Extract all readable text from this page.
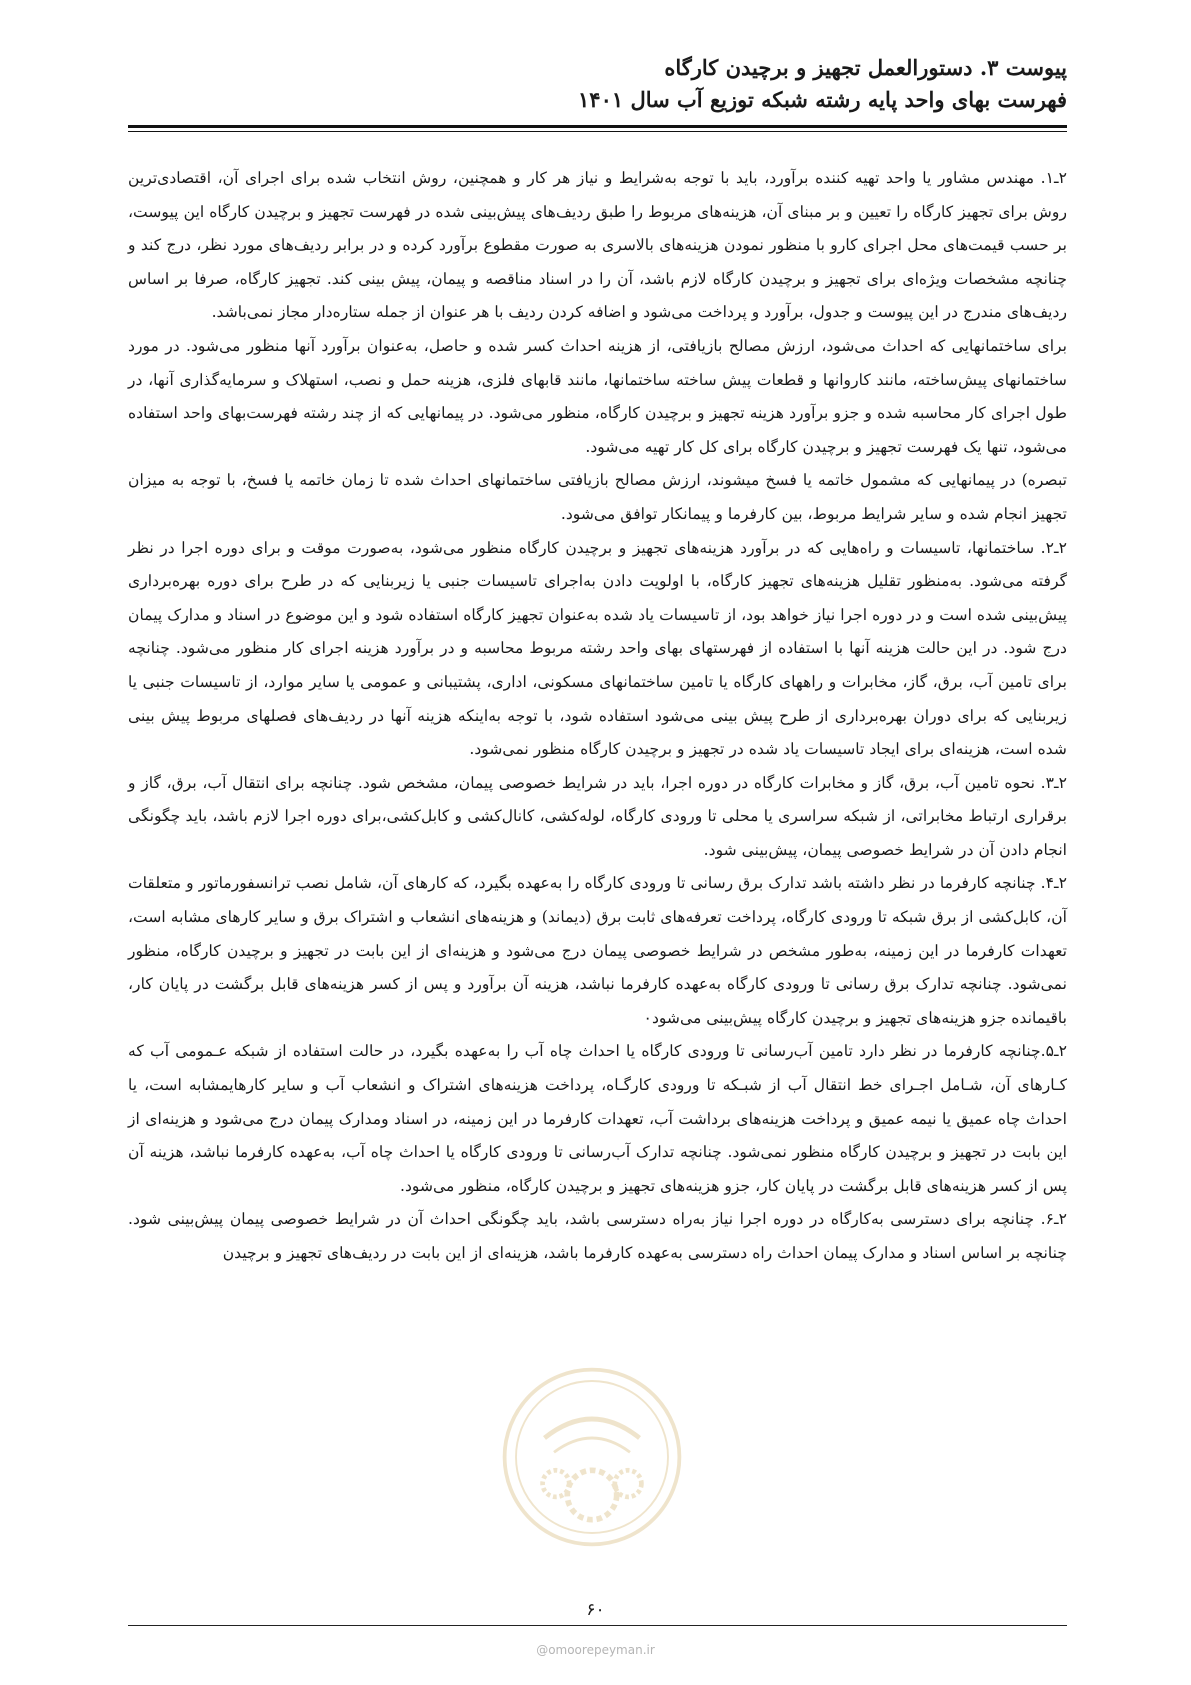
پیوست ۳. دستورالعمل تجهیز و برچیدن کارگاه
فهرست بهای واحد پایه رشته شبکه توزیع آب سال ۱۴۰۱

۲ـ۱. مهندس مشاور یا واحد تهیه کننده برآورد، باید با توجه به‌شرایط و نیاز هر کار و همچنین، روش انتخاب شده برای اجرای آن، اقتصادی‌ترین روش برای تجهیز کارگاه را تعیین و بر مبنای آن، هزینه‌های مربوط را طبق ردیف‌های پیش‌بینی شده در فهرست تجهیز و برچیدن کارگاه این پیوست، بر حسب قیمت‌های محل اجرای کارو با منظور نمودن هزینه‌های بالاسری به صورت مقطوع برآورد کرده و در برابر ردیف‌های مورد نظر، درج کند و چنانچه مشخصات ویژه‌ای برای تجهیز و برچیدن کارگاه لازم باشد، آن را در اسناد مناقصه و پیمان، پیش بینی کند. تجهیز کارگاه، صرفا بر اساس ردیف‌های مندرج در این پیوست و جدول، برآورد و پرداخت می‌شود و اضافه کردن ردیف با هر عنوان از جمله ستاره‌دار مجاز نمی‌باشد.

برای ساختمانهایی که احداث می‌شود، ارزش مصالح بازیافتی، از هزینه احداث کسر شده و حاصل، به‌عنوان برآورد آنها منظور می‌شود. در مورد ساختمانهای پیش‌ساخته، مانند کاروانها و قطعات پیش ساخته ساختمانها، مانند قابهای فلزی، هزینه حمل و نصب، استهلاک و سرمایه‌گذاری آنها، در طول اجرای کار محاسبه شده و جزو برآورد هزینه تجهیز و برچیدن کارگاه، منظور می‌شود. در پیمانهایی که از چند رشته فهرست‌بهای واحد استفاده می‌شود، تنها یک فهرست تجهیز و برچیدن کارگاه برای کل کار تهیه می‌شود.

تبصره) در پیمانهایی که مشمول خاتمه یا فسخ میشوند، ارزش مصالح بازیافتی ساختمانهای احداث شده تا زمان خاتمه یا فسخ، با توجه به میزان تجهیز انجام شده و سایر شرایط مربوط، بین کارفرما و پیمانکار توافق می‌شود.

۲ـ۲. ساختمانها، تاسیسات و راه‌هایی که در برآورد هزینه‌های تجهیز و برچیدن کارگاه منظور می‌شود، به‌صورت موقت و برای دوره اجرا در نظر گرفته می‌شود. به‌منظور تقلیل هزینه‌های تجهیز کارگاه، با اولویت دادن به‌اجرای تاسیسات جنبی یا زیربنایی که در طرح برای دوره بهره‌برداری پیش‌بینی شده است و در دوره اجرا نیاز خواهد بود، از تاسیسات یاد شده به‌عنوان تجهیز کارگاه استفاده شود و این موضوع در اسناد و مدارک پیمان درج شود. در این حالت هزینه آنها با استفاده از فهرستهای بهای واحد رشته مربوط محاسبه و در برآورد هزینه اجرای کار منظور می‌شود. چنانچه برای تامین آب، برق، گاز، مخابرات و راههای کارگاه یا تامین ساختمانهای مسکونی، اداری، پشتیبانی و عمومی یا سایر موارد، از تاسیسات جنبی یا زیربنایی که برای دوران بهره‌برداری از طرح پیش بینی می‌شود استفاده شود، با توجه به‌اینکه هزینه آنها در ردیف‌های فصلهای مربوط پیش بینی شده است، هزینه‌ای برای ایجاد تاسیسات یاد شده در تجهیز و برچیدن کارگاه منظور نمی‌شود.

۲ـ۳. نحوه تامین آب، برق، گاز و مخابرات کارگاه در دوره اجرا، باید در شرایط خصوصی پیمان، مشخص شود. چنانچه برای انتقال آب، برق، گاز و برقراری ارتباط مخابراتی، از شبکه سراسری یا محلی تا ورودی کارگاه، لوله‌کشی، کانال‌کشی و کابل‌کشی،برای دوره اجرا لازم باشد، باید چگونگی انجام دادن آن در شرایط خصوصی پیمان، پیش‌بینی شود.

۲ـ۴. چنانچه کارفرما در نظر داشته باشد تدارک برق رسانی تا ورودی کارگاه را به‌عهده بگیرد، که کارهای آن، شامل نصب ترانسفورماتور و متعلقات آن، کابل‌کشی از برق شبکه تا ورودی کارگاه، پرداخت تعرفه‌های ثابت برق (دیماند) و هزینه‌های انشعاب و اشتراک برق و سایر کارهای مشابه است، تعهدات کارفرما در این زمینه، به‌طور مشخص در شرایط خصوصی پیمان درج می‌شود و هزینه‌ای از این بابت در تجهیز و برچیدن کارگاه، منظور نمی‌شود. چنانچه تدارک برق رسانی تا ورودی کارگاه به‌عهده کارفرما نباشد، هزینه آن برآورد و پس از کسر هزینه‌های قابل برگشت در پایان کار، باقیمانده جزو هزینه‌های تجهیز و برچیدن کارگاه پیش‌بینی می‌شود٠

۲ـ۵.چنانچه کارفرما در نظر دارد تامین آب‌رسانی تا ورودی کارگاه یا احداث چاه آب را به‌عهده بگیرد، در حالت استفاده از شبکه عـمومی آب که کـارهای آن، شـامل اجـرای خط انتقال آب از شبـکه تا ورودی کارگـاه، پرداخت هزینه‌های اشتراک و انشعاب آب و سایر کارهایمشابه است، یا احداث چاه عمیق یا نیمه عمیق و پرداخت هزینه‌های برداشت آب، تعهدات کارفرما در این زمینه، در اسناد ومدارک پیمان درج می‌شود و هزینه‌ای از این بابت در تجهیز و برچیدن کارگاه منظور نمی‌شود. چنانچه تدارک آب‌رسانی تا ورودی کارگاه یا احداث چاه آب، به‌عهده کارفرما نباشد، هزینه آن پس از کسر هزینه‌های قابل برگشت در پایان کار، جزو هزینه‌های تجهیز و برچیدن کارگاه، منظور می‌شود.

۲ـ۶. چنانچه برای دسترسی به‌کارگاه در دوره اجرا نیاز به‌راه دسترسی باشد، باید چگونگی احداث آن در شرایط خصوصی پیمان پیش‌بینی شود. چنانچه بر اساس اسناد و مدارک پیمان احداث راه دسترسی به‌عهده کارفرما باشد، هزینه‌ای از این بابت در ردیف‌های تجهیز و برچیدن

۶۰
@omoorepeyman.ir
